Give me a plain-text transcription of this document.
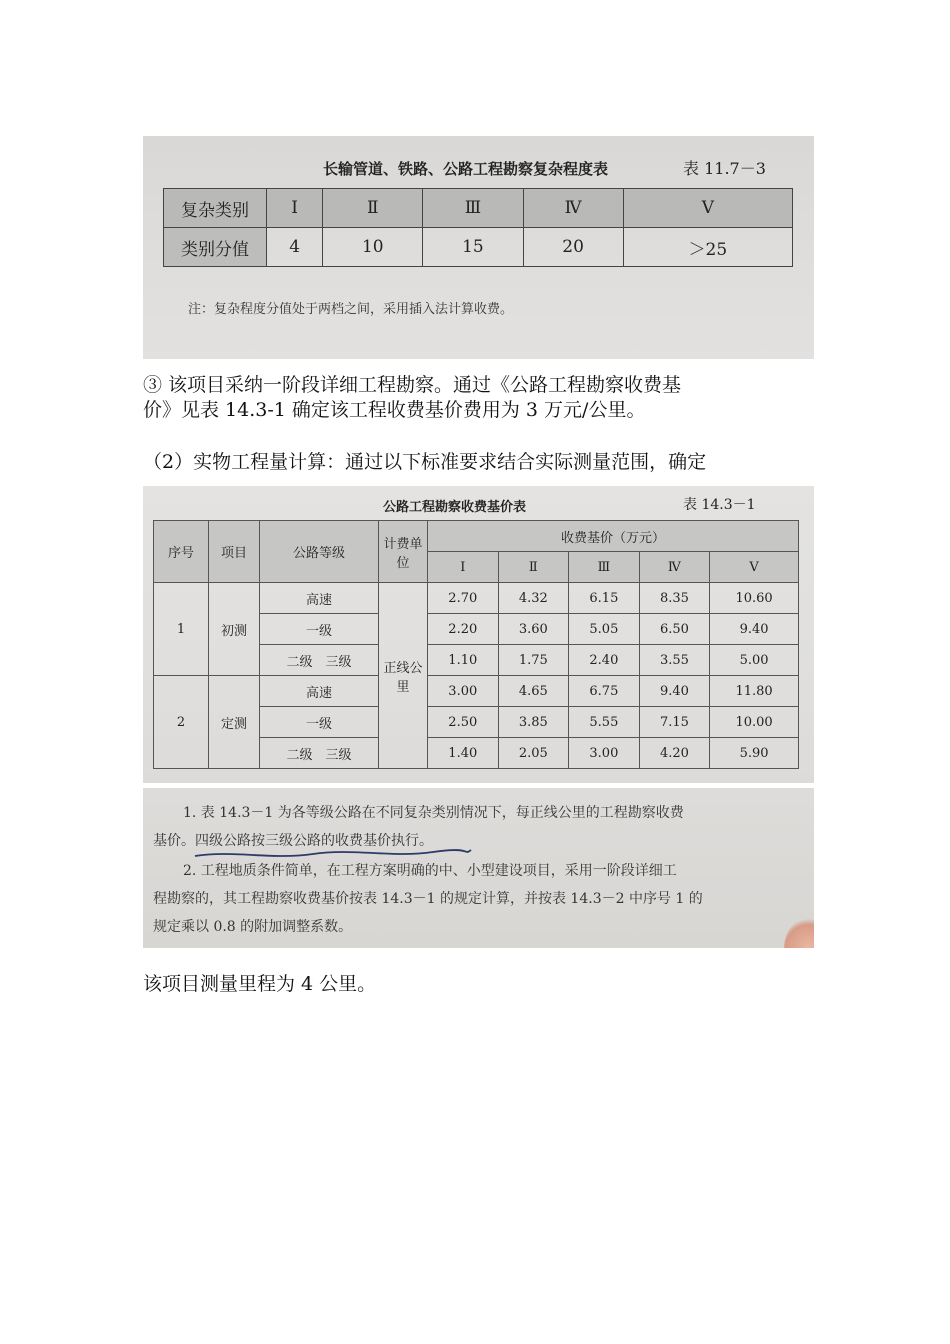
长输管道、铁路、公路工程勘察复杂程度表	表 11.7－3
复杂类别	Ⅰ	Ⅱ	Ⅲ	Ⅳ	Ⅴ
类别分值	4	10	15	20	＞25
注：复杂程度分值处于两档之间，采用插入法计算收费。
③ 该项目采纳一阶段详细工程勘察。通过《公路工程勘察收费基
价》见表 14.3-1 确定该工程收费基价费用为 3 万元/公里。
（2）实物工程量计算：通过以下标准要求结合实际测量范围，确定
公路工程勘察收费基价表	表 14.3－1
序号	项目	公路等级	计费单位	收费基价（万元）				
				Ⅰ	Ⅱ	Ⅲ	Ⅳ	Ⅴ
1	初测	高速	正线公里	2.70	4.32	6.15	8.35	10.60
		一级		2.20	3.60	5.05	6.50	9.40
		二级　三级		1.10	1.75	2.40	3.55	5.00
2	定测	高速		3.00	4.65	6.75	9.40	11.80
		一级		2.50	3.85	5.55	7.15	10.00
		二级　三级		1.40	2.05	3.00	4.20	5.90
1. 表 14.3－1 为各等级公路在不同复杂类别情况下，每正线公里的工程勘察收费
基价。四级公路按三级公路的收费基价执行。
2. 工程地质条件简单，在工程方案明确的中、小型建设项目，采用一阶段详细工
程勘察的，其工程勘察收费基价按表 14.3－1 的规定计算，并按表 14.3－2 中序号 1 的
规定乘以 0.8 的附加调整系数。
该项目测量里程为 4 公里。
